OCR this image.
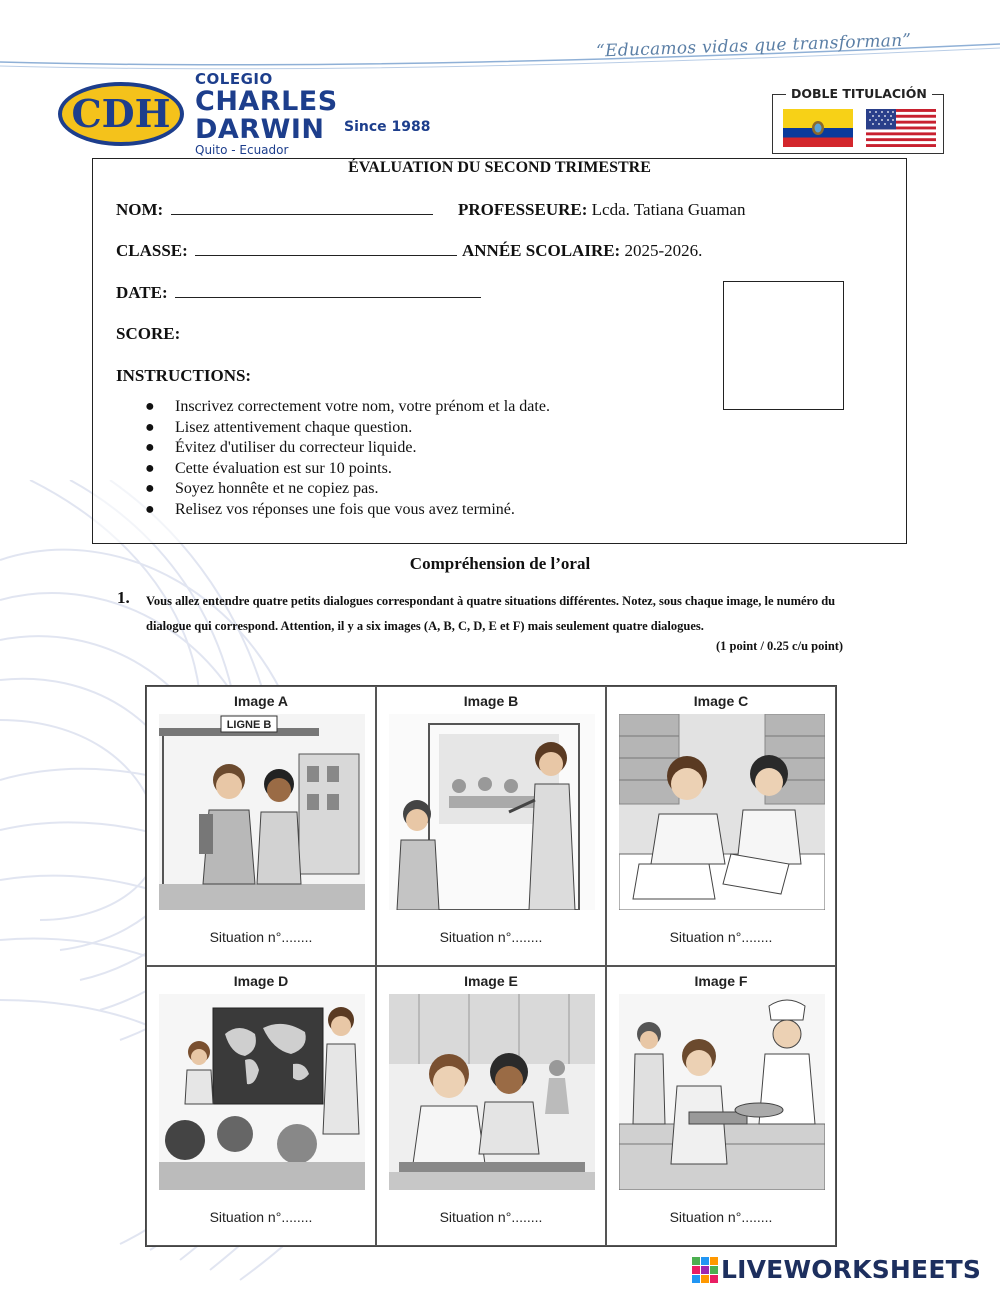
“Educamos vidas que transforman”
CDH
COLEGIO
CHARLES
DARWIN
Quito - Ecuador
Since 1988
DOBLE TITULACIÓN
ÉVALUATION DU SECOND TRIMESTRE
NOM:	PROFESSEURE: Lcda. Tatiana Guaman
CLASSE:	ANNÉE SCOLAIRE: 2025-2026.
DATE:
SCORE:
INSTRUCTIONS:
● Inscrivez correctement votre nom, votre prénom et la date.
● Lisez attentivement chaque question.
● Évitez d'utiliser du correcteur liquide.
● Cette évaluation est sur 10 points.
● Soyez honnête et ne copiez pas.
● Relisez vos réponses une fois que vous avez terminé.
Compréhension de l’oral
1. Vous allez entendre quatre petits dialogues correspondant à quatre situations différentes. Notez, sous chaque image, le numéro du dialogue qui correspond. Attention, il y a six images (A, B, C, D, E et F) mais seulement quatre dialogues.
(1 point / 0.25 c/u point)
Image A
LIGNE B
Situation n°........
Image B
Situation n°........
Image C
Situation n°........
Image D
Situation n°........
Image E
Situation n°........
Image F
Situation n°........
LIVEWORKSHEETS
